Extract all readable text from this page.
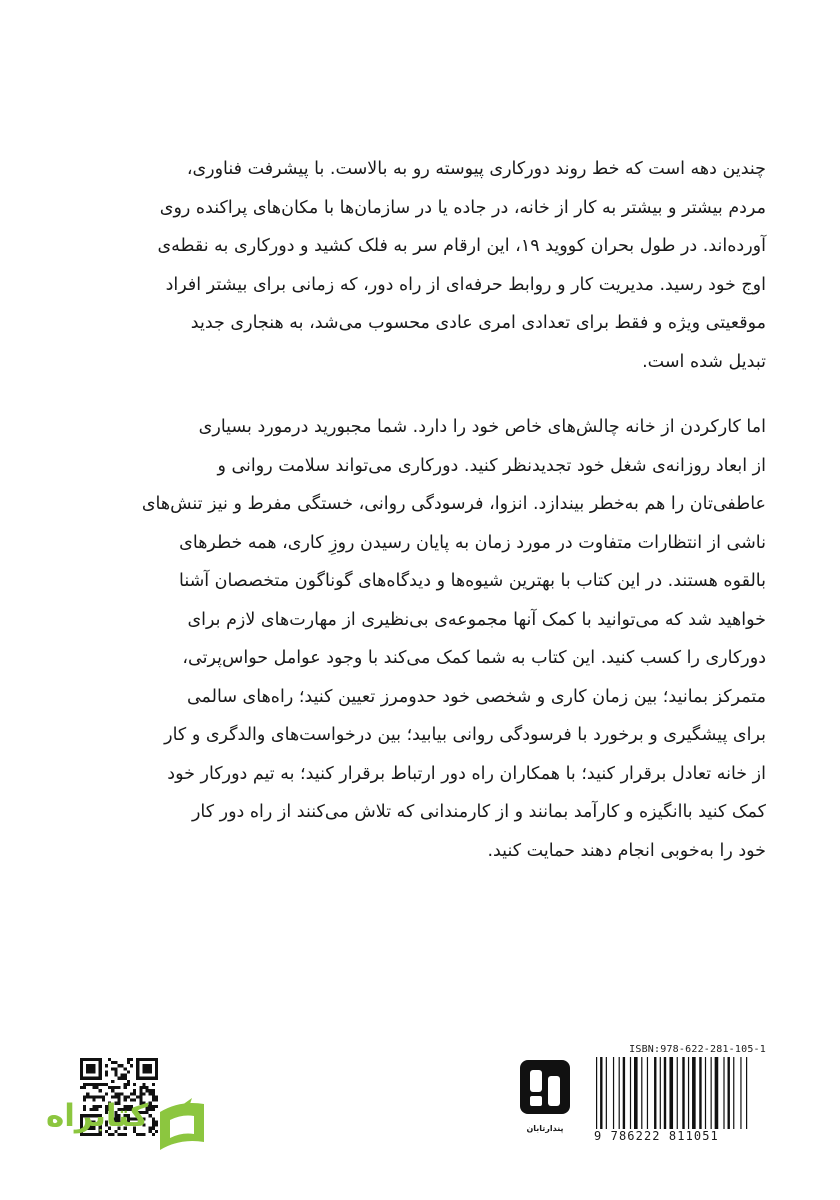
چندین دهه است که خط روند دورکاری پیوسته رو به بالاست. با پیشرفت فناوری،
مردم بیشتر و بیشتر به کار از خانه، در جاده یا در سازمان‌ها با مکان‌های پراکنده روی
آورده‌اند. در طول بحران کووید ۱۹، این ارقام سر به فلک کشید و دورکاری به نقطه‌ی
اوج خود رسید. مدیریت کار و روابط حرفه‌ای از راه دور، که زمانی برای بیشتر افراد
موقعیتی ویژه و فقط برای تعدادی امری عادی محسوب می‌شد، به هنجاری جدید
تبدیل شده است.
اما کارکردن از خانه چالش‌های خاص خود را دارد. شما مجبورید درمورد بسیاری
از ابعاد روزانه‌ی شغل خود تجدیدنظر کنید. دورکاری می‌تواند سلامت روانی و
عاطفی‌تان را هم به‌خطر بیندازد. انزوا، فرسودگی روانی، خستگی مفرط و نیز تنش‌های
ناشی از انتظارات متفاوت در مورد زمان به پایان رسیدن روزِ کاری، همه خطرهای
بالقوه هستند. در این کتاب با بهترین شیوه‌ها و دیدگاه‌های گوناگون متخصصان آشنا
خواهید شد که می‌توانید با کمک آنها مجموعه‌ی بی‌نظیری از مهارت‌های لازم برای
دورکاری را کسب کنید. این کتاب به شما کمک می‌کند با وجود عوامل حواس‌پرتی،
متمرکز بمانید؛ بین زمان کاری و شخصی خود حدومرز تعیین کنید؛ راه‌های سالمی
برای پیشگیری و برخورد با فرسودگی روانی بیابید؛ بین درخواست‌های والدگری و کار
از خانه تعادل برقرار کنید؛ با همکاران راه دور ارتباط برقرار کنید؛ به تیم دورکار خود
کمک کنید باانگیزه و کارآمد بمانند و از کارمندانی که تلاش می‌کنند از راه دور کار
خود را به‌خوبی انجام دهند حمایت کنید.
ISBN:978-622-281-105-1
9 786222 811051
پندارتابان
کتابراه
